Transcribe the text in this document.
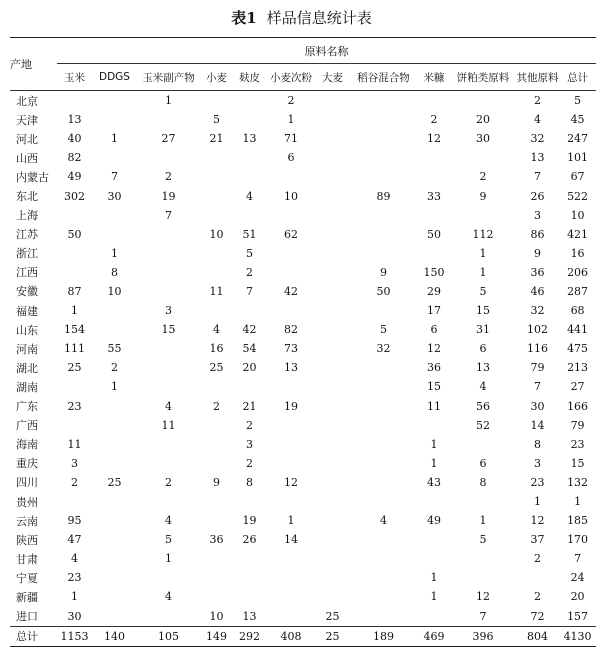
表1 样品信息统计表
产地	原料名称											
	玉米	DDGS	玉米副产物	小麦	麸皮	小麦次粉	大麦	稻谷混合物	米糠	饼粕类原料	其他原料	总计
北京			1			2					2	5
天津	13			5		1			2	20	4	45
河北	40	1	27	21	13	71			12	30	32	247
山西	82					6					13	101
内蒙古	49	7	2							2	7	67
东北	302	30	19		4	10		89	33	9	26	522
上海			7								3	10
江苏	50			10	51	62			50	112	86	421
浙江		1			5					1	9	16
江西		8			2			9	150	1	36	206
安徽	87	10		11	7	42		50	29	5	46	287
福建	1		3						17	15	32	68
山东	154		15	4	42	82		5	6	31	102	441
河南	111	55		16	54	73		32	12	6	116	475
湖北	25	2		25	20	13			36	13	79	213
湖南		1							15	4	7	27
广东	23		4	2	21	19			11	56	30	166
广西			11		2					52	14	79
海南	11				3				1		8	23
重庆	3				2				1	6	3	15
四川	2	25	2	9	8	12			43	8	23	132
贵州											1	1
云南	95		4		19	1		4	49	1	12	185
陕西	47		5	36	26	14				5	37	170
甘肃	4		1								2	7
宁夏	23								1			24
新疆	1		4						1	12	2	20
进口	30			10	13		25			7	72	157
总计	1153	140	105	149	292	408	25	189	469	396	804	4130
